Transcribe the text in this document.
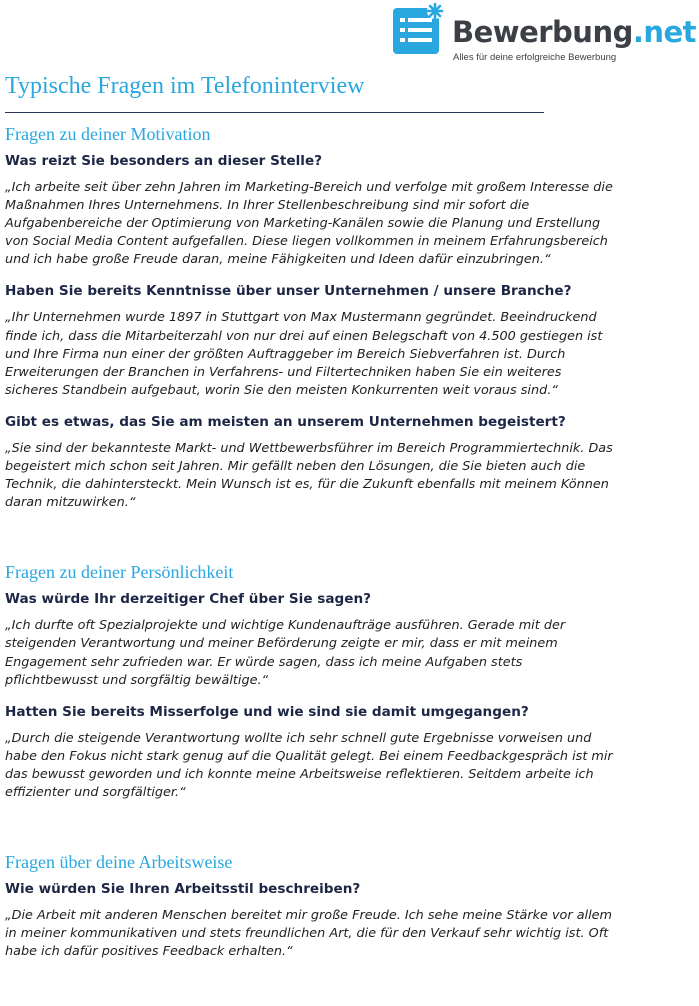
Bewerbung.net
Alles für deine erfolgreiche Bewerbung
Typische Fragen im Telefoninterview
Fragen zu deiner Motivation

Was reizt Sie besonders an dieser Stelle?

„Ich arbeite seit über zehn Jahren im Marketing-Bereich und verfolge mit großem Interesse die Maßnahmen Ihres Unternehmens. In Ihrer Stellenbeschreibung sind mir sofort die Aufgabenbereiche der Optimierung von Marketing-Kanälen sowie die Planung und Erstellung von Social Media Content aufgefallen. Diese liegen vollkommen in meinem Erfahrungsbereich und ich habe große Freude daran, meine Fähigkeiten und Ideen dafür einzubringen.“

Haben Sie bereits Kenntnisse über unser Unternehmen / unsere Branche?

„Ihr Unternehmen wurde 1897 in Stuttgart von Max Mustermann gegründet. Beeindruckend finde ich, dass die Mitarbeiterzahl von nur drei auf einen Belegschaft von 4.500 gestiegen ist und Ihre Firma nun einer der größten Auftraggeber im Bereich Siebverfahren ist. Durch Erweiterungen der Branchen in Verfahrens- und Filtertechniken haben Sie ein weiteres sicheres Standbein aufgebaut, worin Sie den meisten Konkurrenten weit voraus sind.“

Gibt es etwas, das Sie am meisten an unserem Unternehmen begeistert?

„Sie sind der bekannteste Markt- und Wettbewerbsführer im Bereich Programmiertechnik. Das begeistert mich schon seit Jahren. Mir gefällt neben den Lösungen, die Sie bieten auch die Technik, die dahintersteckt. Mein Wunsch ist es, für die Zukunft ebenfalls mit meinem Können daran mitzuwirken.“

Fragen zu deiner Persönlichkeit

Was würde Ihr derzeitiger Chef über Sie sagen?

„Ich durfte oft Spezialprojekte und wichtige Kundenaufträge ausführen. Gerade mit der steigenden Verantwortung und meiner Beförderung zeigte er mir, dass er mit meinem Engagement sehr zufrieden war. Er würde sagen, dass ich meine Aufgaben stets pflichtbewusst und sorgfältig bewältige.“

Hatten Sie bereits Misserfolge und wie sind sie damit umgegangen?

„Durch die steigende Verantwortung wollte ich sehr schnell gute Ergebnisse vorweisen und habe den Fokus nicht stark genug auf die Qualität gelegt. Bei einem Feedbackgespräch ist mir das bewusst geworden und ich konnte meine Arbeitsweise reflektieren. Seitdem arbeite ich effizienter und sorgfältiger.“

Fragen über deine Arbeitsweise

Wie würden Sie Ihren Arbeitsstil beschreiben?

„Die Arbeit mit anderen Menschen bereitet mir große Freude. Ich sehe meine Stärke vor allem in meiner kommunikativen und stets freundlichen Art, die für den Verkauf sehr wichtig ist. Oft habe ich dafür positives Feedback erhalten.“
